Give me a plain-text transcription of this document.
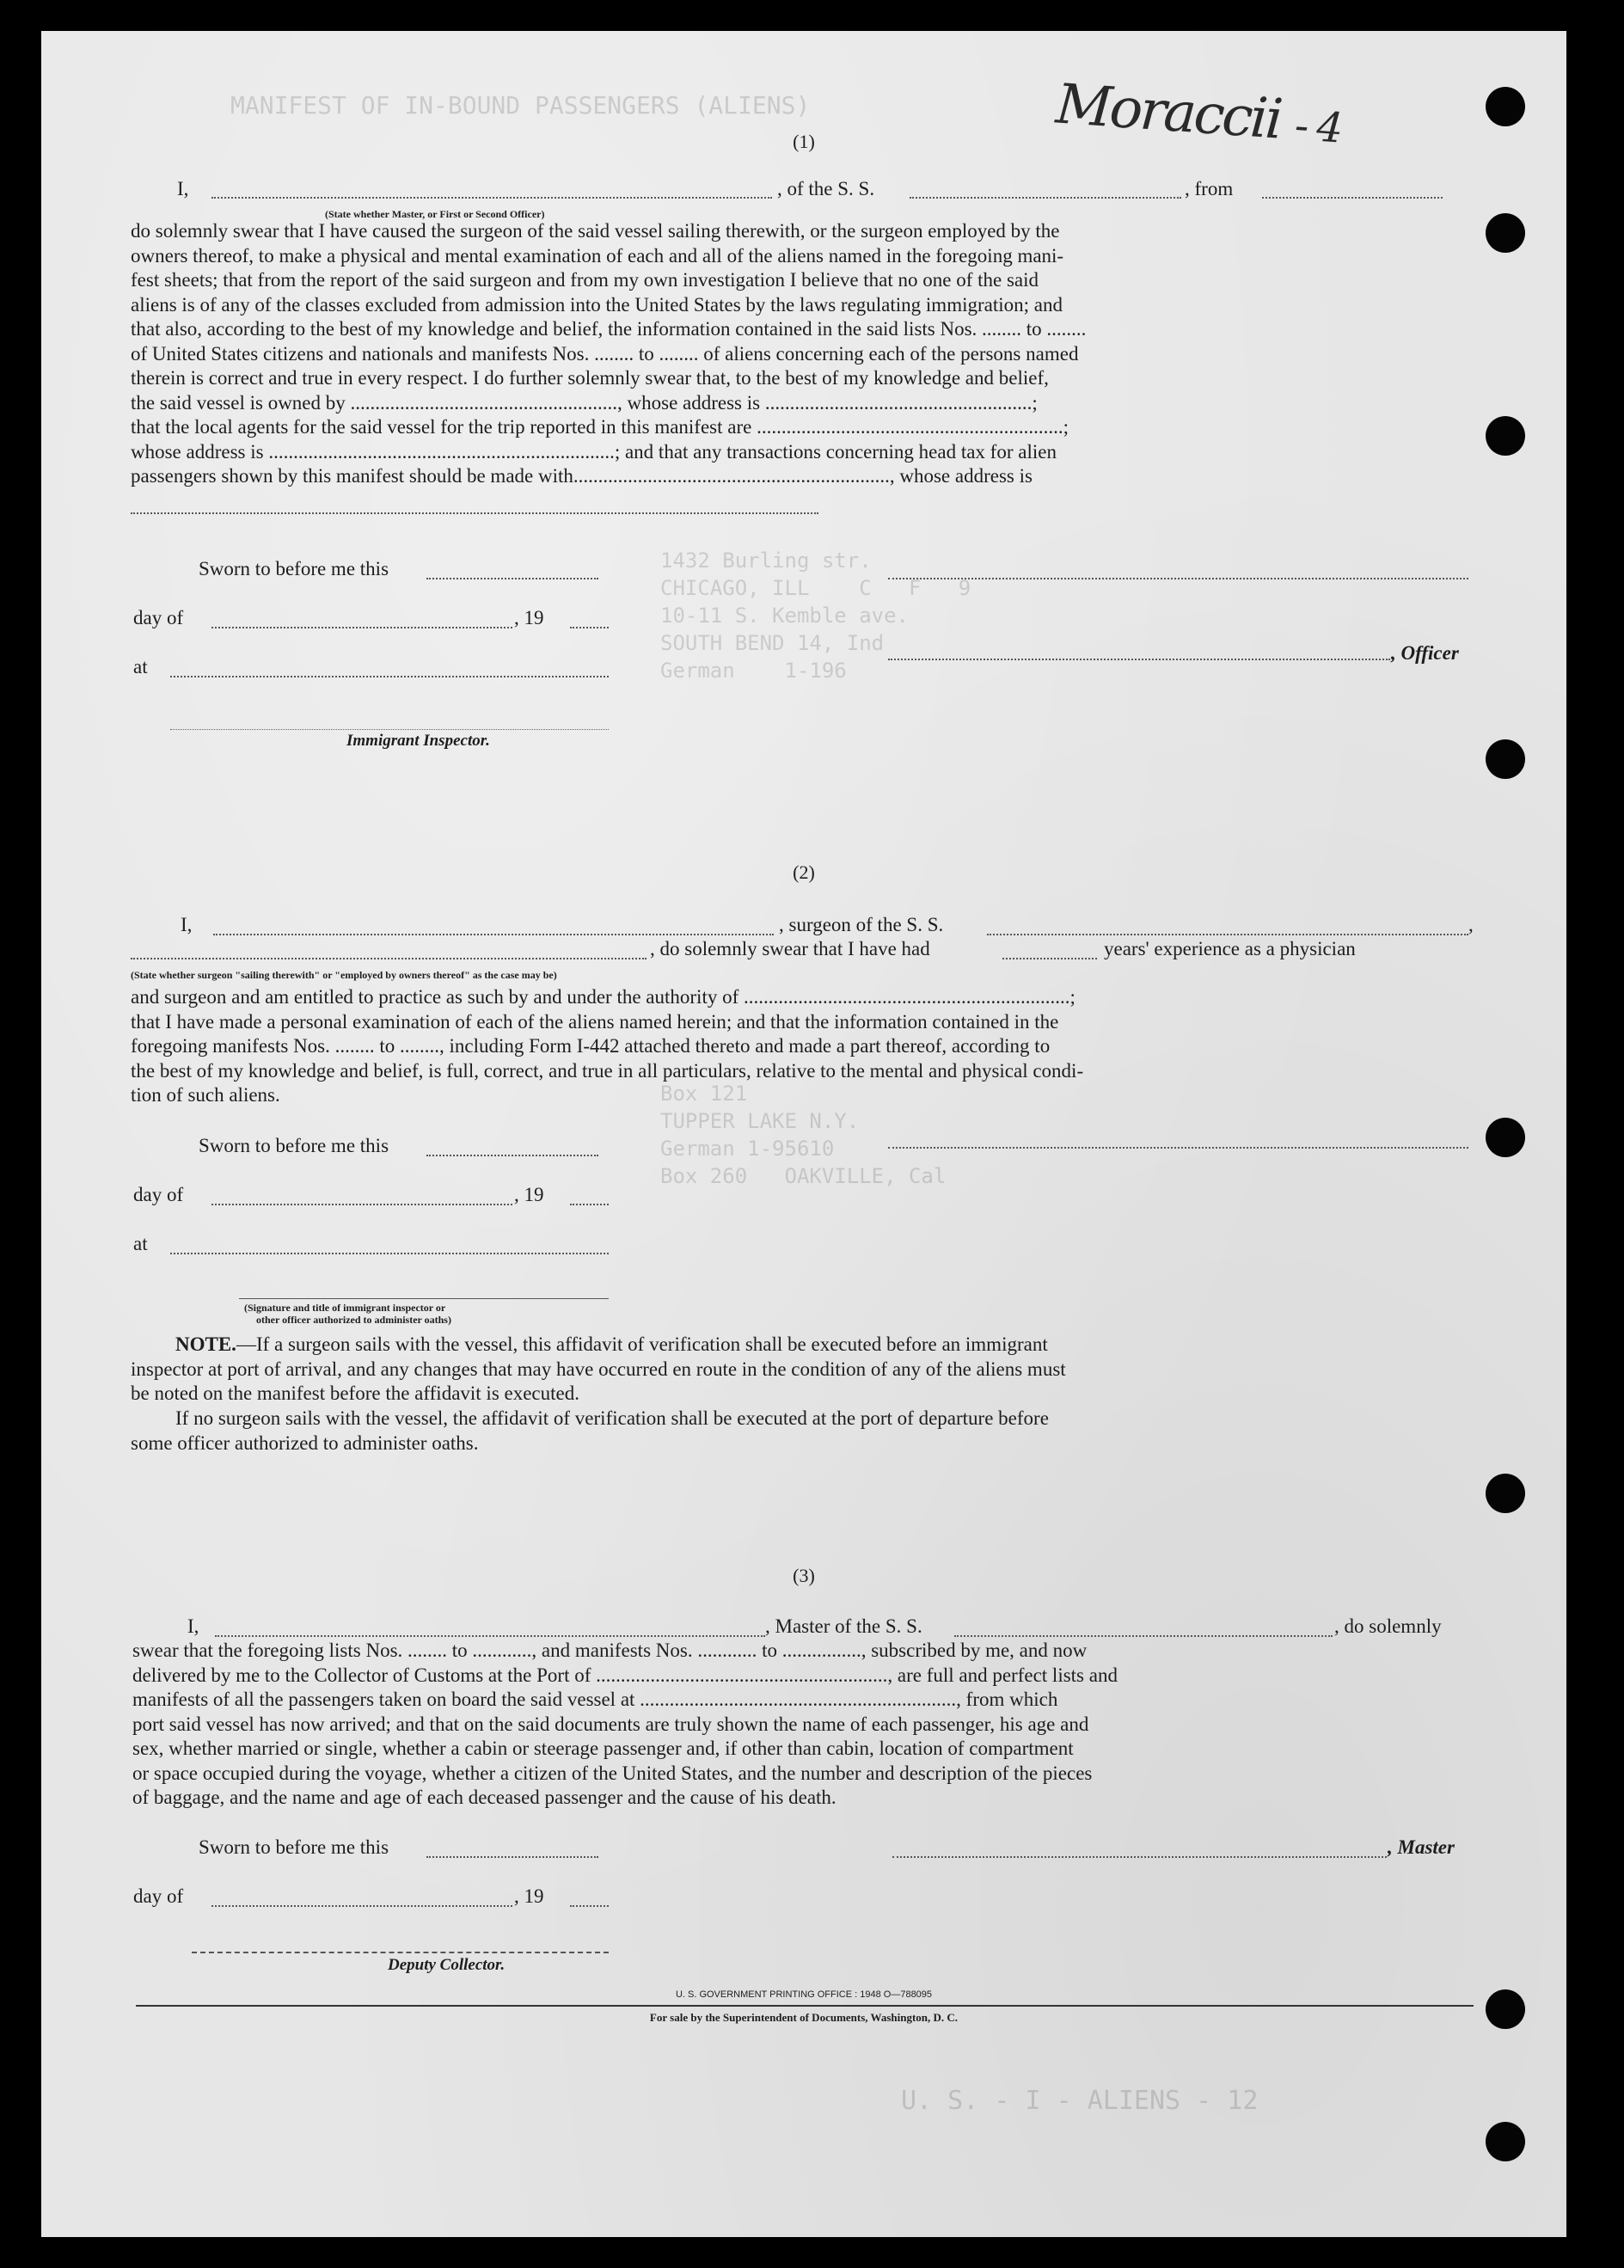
MANIFEST OF IN-BOUND PASSENGERS (ALIENS)
1432 Burling str.
CHICAGO, ILL    C   F   9
10-11 S. Kemble ave.
SOUTH BEND 14, Ind
German    1-196
Box 121
TUPPER LAKE N.Y.
German 1-95610
Box 260   OAKVILLE, Cal
U. S. - I - ALIENS - 12
Moraccii - 4
(1)
I,	, of the S. S.	, from
(State whether Master, or First or Second Officer)
do solemnly swear that I have caused the surgeon of the said vessel sailing therewith, or the surgeon employed by the
owners thereof, to make a physical and mental examination of each and all of the aliens named in the foregoing mani-
fest sheets; that from the report of the said surgeon and from my own investigation I believe that no one of the said
aliens is of any of the classes excluded from admission into the United States by the laws regulating immigration; and
that also, according to the best of my knowledge and belief, the information contained in the said lists Nos. ........ to ........
of United States citizens and nationals and manifests Nos. ........ to ........ of aliens concerning each of the persons named
therein is correct and true in every respect. I do further solemnly swear that, to the best of my knowledge and belief,
the said vessel is owned by ......................................................, whose address is ......................................................;
that the local agents for the said vessel for the trip reported in this manifest are ..............................................................;
whose address is ......................................................................; and that any transactions concerning head tax for alien
passengers shown by this manifest should be made with................................................................, whose address is
Sworn to before me this
day of	, 19
, Officer
at
Immigrant Inspector.
(2)
I,	, surgeon of the S. S.	,
, do solemnly swear that I have had	years' experience as a physician
(State whether surgeon "sailing therewith" or "employed by owners thereof" as the case may be)
and surgeon and am entitled to practice as such by and under the authority of ..................................................................;
that I have made a personal examination of each of the aliens named herein; and that the information contained in the
foregoing manifests Nos. ........ to ........, including Form I-442 attached thereto and made a part thereof, according to
the best of my knowledge and belief, is full, correct, and true in all particulars, relative to the mental and physical condi-
tion of such aliens.
Sworn to before me this
day of	, 19
at
(Signature and title of immigrant inspector or
other officer authorized to administer oaths)
NOTE.—If a surgeon sails with the vessel, this affidavit of verification shall be executed before an immigrant
inspector at port of arrival, and any changes that may have occurred en route in the condition of any of the aliens must
be noted on the manifest before the affidavit is executed.
If no surgeon sails with the vessel, the affidavit of verification shall be executed at the port of departure before
some officer authorized to administer oaths.
(3)
I,	, Master of the S. S.	, do solemnly
swear that the foregoing lists Nos. ........ to ............, and manifests Nos. ............ to ................, subscribed by me, and now
delivered by me to the Collector of Customs at the Port of ..........................................................., are full and perfect lists and
manifests of all the passengers taken on board the said vessel at ................................................................, from which
port said vessel has now arrived; and that on the said documents are truly shown the name of each passenger, his age and
sex, whether married or single, whether a cabin or steerage passenger and, if other than cabin, location of compartment
or space occupied during the voyage, whether a citizen of the United States, and the number and description of the pieces
of baggage, and the name and age of each deceased passenger and the cause of his death.
Sworn to before me this	, Master
day of	, 19
Deputy Collector.
U. S. GOVERNMENT PRINTING OFFICE : 1948 O—788095
For sale by the Superintendent of Documents, Washington, D. C.
